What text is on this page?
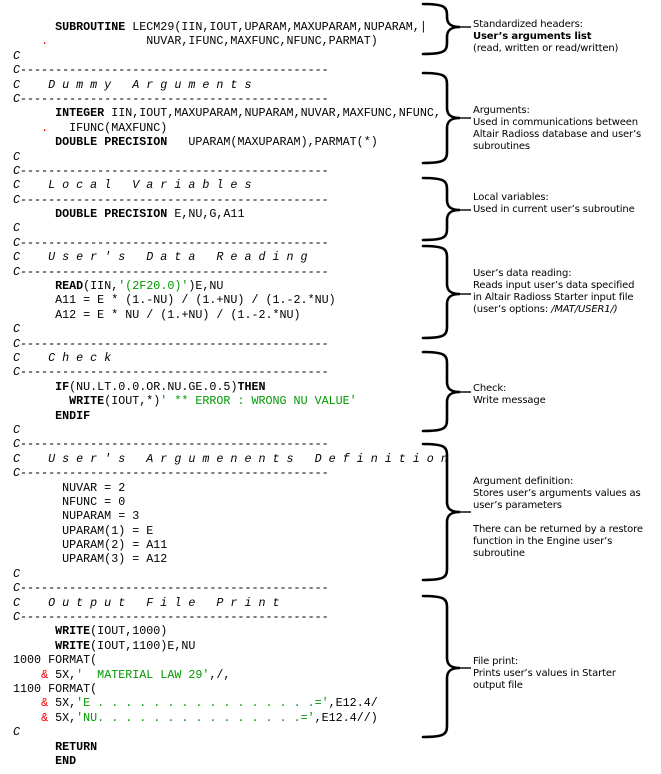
SUBROUTINE LECM29(IIN,IOUT,UPARAM,MAXUPARAM,NUPARAM,|
.              NUVAR,IFUNC,MAXFUNC,NFUNC,PARMAT)
C
C--------------------------------------------
C    D u m m y   A r g u m e n t s
C--------------------------------------------
INTEGER IIN,IOUT,MAXUPARAM,NUPARAM,NUVAR,MAXFUNC,NFUNC,
.   IFUNC(MAXFUNC)
DOUBLE PRECISION   UPARAM(MAXUPARAM),PARMAT(*)
C
C--------------------------------------------
C    L o c a l   V a r i a b l e s
C--------------------------------------------
DOUBLE PRECISION E,NU,G,A11
C
C--------------------------------------------
C    U s e r ' s   D a t a   R e a d i n g
C--------------------------------------------
READ(IIN,'(2F20.0)')E,NU
A11 = E * (1.-NU) / (1.+NU) / (1.-2.*NU)
A12 = E * NU / (1.+NU) / (1.-2.*NU)
C
C--------------------------------------------
C    C h e c k
C--------------------------------------------
IF(NU.LT.0.0.OR.NU.GE.0.5)THEN
WRITE(IOUT,*)' ** ERROR : WRONG NU VALUE'
ENDIF
C
C--------------------------------------------
C    U s e r ' s   A r g u m e n e n t s   D e f i n i t i o n
C--------------------------------------------
NUVAR = 2
NFUNC = 0
NUPARAM = 3
UPARAM(1) = E
UPARAM(2) = A11
UPARAM(3) = A12
C
C--------------------------------------------
C    O u t p u t   F i l e   P r i n t
C--------------------------------------------
WRITE(IOUT,1000)
WRITE(IOUT,1100)E,NU
1000 FORMAT(
& 5X,'  MATERIAL LAW 29',/,
1100 FORMAT(
& 5X,'E . . . . . . . . . . . . . . . .=',E12.4/
& 5X,'NU. . . . . . . . . . . . . . .=',E12.4//)
C
RETURN
END
Standardized headers:
User’s arguments list
(read, written or read/written)
Arguments:
Used in communications between
Altair Radioss database and user’s
subroutines
Local variables:
Used in current user’s subroutine
User’s data reading:
Reads input user’s data specified
in Altair Radioss Starter input file
(user’s options: /MAT/USER1/)
Check:
Write message
Argument definition:
Stores user’s arguments values as
user’s parameters
There can be returned by a restore
function in the Engine user’s
subroutine
File print:
Prints user’s values in Starter
output file
